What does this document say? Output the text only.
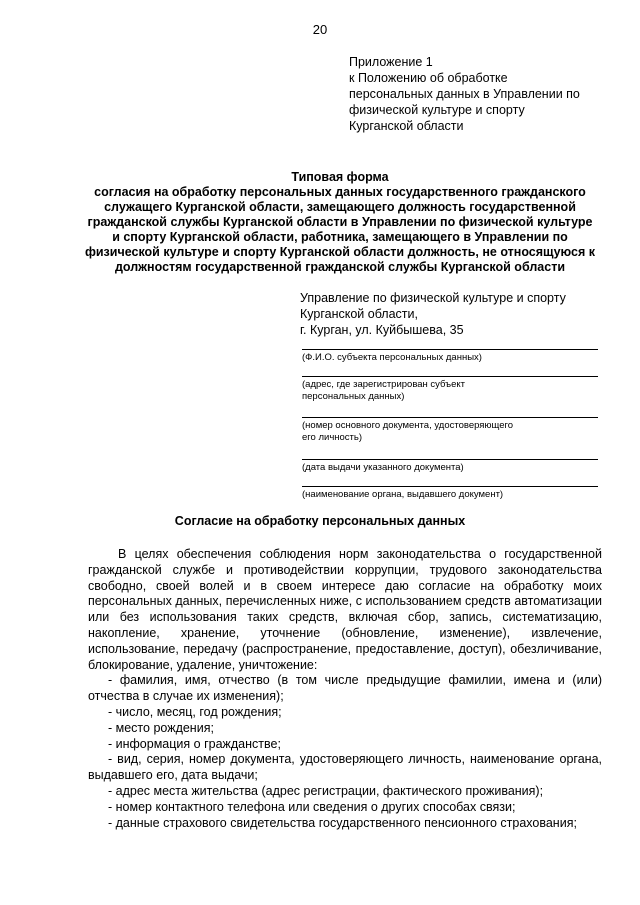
20
Приложение 1
к Положению об обработке
персональных данных в Управлении по
физической культуре и спорту
Курганской области
Типовая форма
согласия на обработку персональных данных государственного гражданского
служащего Курганской области, замещающего должность государственной
гражданской службы Курганской области в Управлении по физической культуре
и спорту Курганской области, работника, замещающего в Управлении по
физической культуре и спорту Курганской области должность, не относящуюся к
должностям государственной гражданской службы Курганской области
Управление по физической культуре и спорту
Курганской области,
г. Курган, ул. Куйбышева, 35
(Ф.И.О. субъекта персональных данных)
(адрес, где зарегистрирован субъект
персональных данных)
(номер основного документа, удостоверяющего
его личность)
(дата выдачи указанного документа)
(наименование органа, выдавшего документ)
Согласие на обработку персональных данных

В целях обеспечения соблюдения норм законодательства о государственной гражданской службе и противодействии коррупции, трудового законодательства свободно, своей волей и в своем интересе даю согласие на обработку моих персональных данных, перечисленных ниже, с использованием средств автоматизации или без использования таких средств, включая сбор, запись, систематизацию, накопление, хранение, уточнение (обновление, изменение), извлечение, использование, передачу (распространение, предоставление, доступ), обезличивание, блокирование, удаление, уничтожение:

- фамилия, имя, отчество (в том числе предыдущие фамилии, имена и (или) отчества в случае их изменения);

- число, месяц, год рождения;

- место рождения;

- информация о гражданстве;

- вид, серия, номер документа, удостоверяющего личность, наименование органа, выдавшего его, дата выдачи;

- адрес места жительства (адрес регистрации, фактического проживания);

- номер контактного телефона или сведения о других способах связи;

- данные страхового свидетельства государственного пенсионного страхования;
